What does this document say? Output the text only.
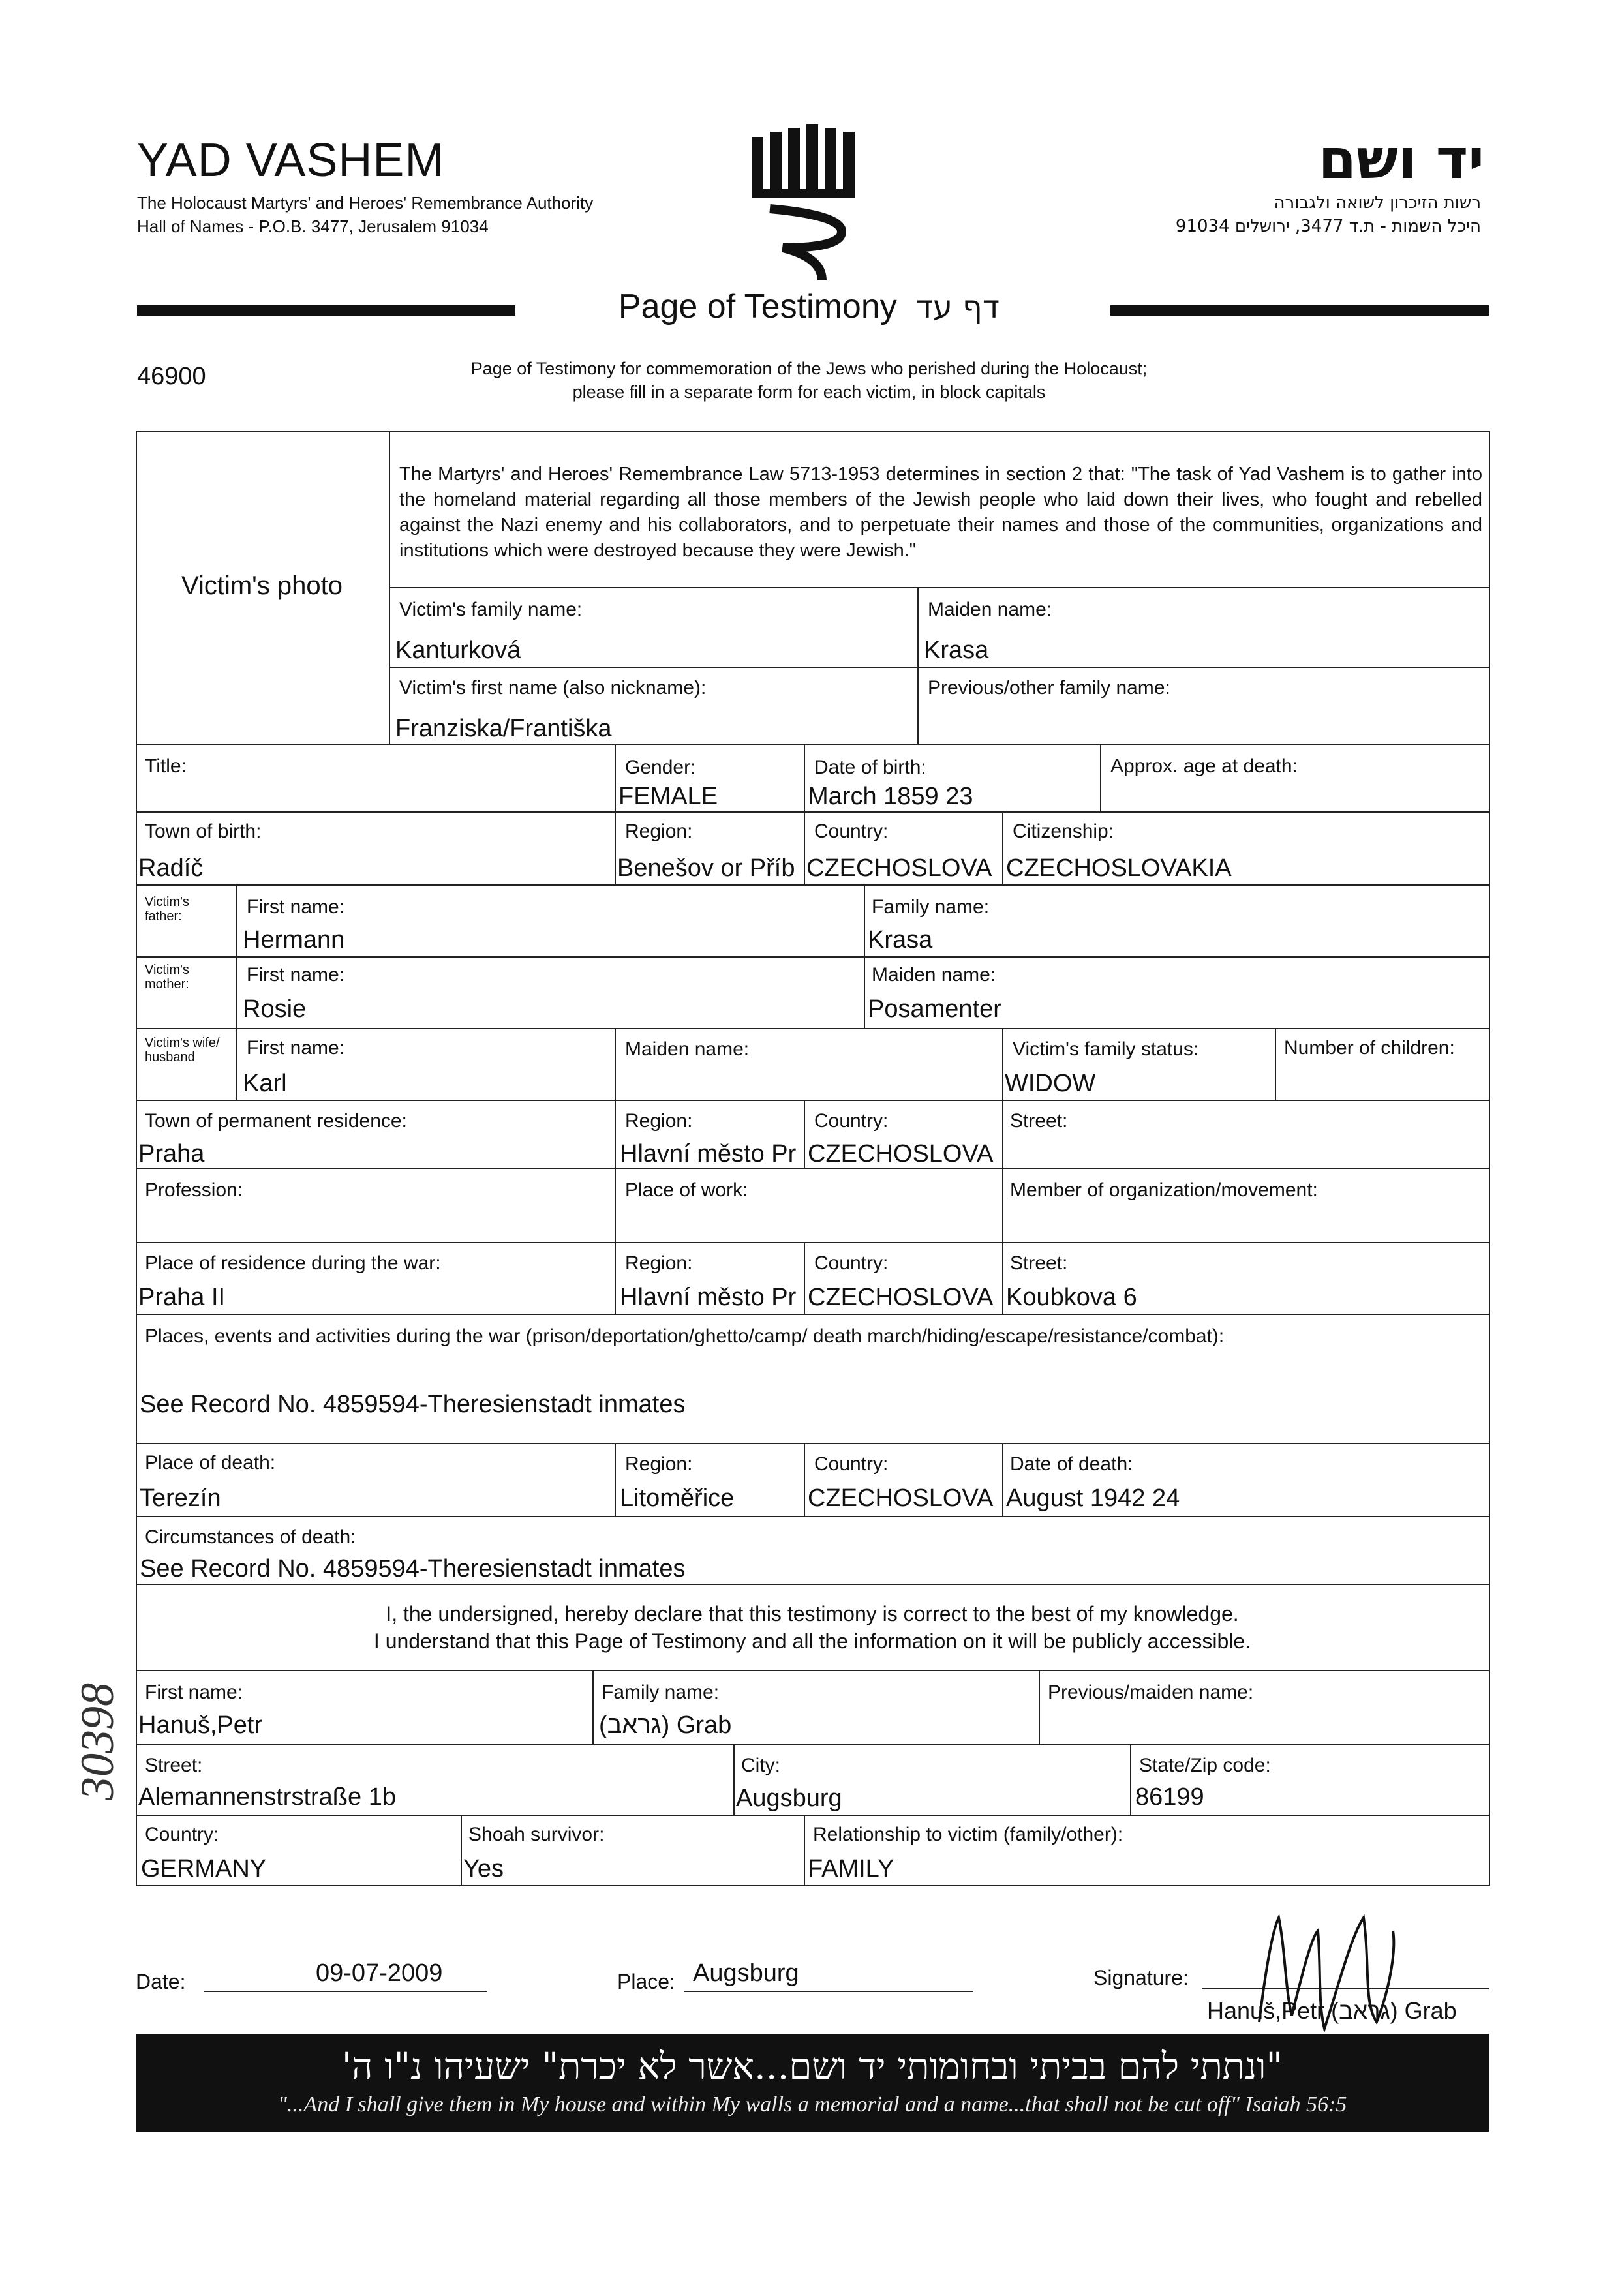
YAD VASHEM
The Holocaust Martyrs' and Heroes' Remembrance Authority
Hall of Names - P.O.B. 3477, Jerusalem 91034
יד ושם
רשות הזיכרון לשואה ולגבורה
היכל השמות - ת.ד 3477, ירושלים 91034
Page of Testimony דף עד
46900	Page of Testimony for commemoration of the Jews who perished during the Holocaust;
please fill in a separate form for each victim, in block capitals
Victim's photo
The Martyrs' and Heroes' Remembrance Law 5713-1953 determines in section 2 that: "The task of Yad Vashem is to gather into the homeland material regarding all those members of the Jewish people who laid down their lives, who fought and rebelled against the Nazi enemy and his collaborators, and to perpetuate their names and those of the communities, organizations and institutions which were destroyed because they were Jewish."
Victim's family name:
Kanturková
Maiden name:
Krasa
Victim's first name (also nickname):
Franziska/Františka
Previous/other family name:
Title:	Gender:
FEMALE
Date of birth:
March 1859 23
Approx. age at death:
Town of birth:
Radíč
Region:
Benešov or Příb
Country:
CZECHOSLOVA
Citizenship:
CZECHOSLOVAKIA
Victim's father:	First name:
Hermann
Family name:
Krasa
Victim's mother:	First name:
Rosie
Maiden name:
Posamenter
Victim's wife/ husband	First name:
Karl
Maiden name:	Victim's family status:
WIDOW
Number of children:
Town of permanent residence:
Praha
Region:
Hlavní město Pr
Country:
CZECHOSLOVA
Street:
Profession:	Place of work:	Member of organization/movement:
Place of residence during the war:
Praha II
Region:
Hlavní město Pr
Country:
CZECHOSLOVA
Street:
Koubkova 6
Places, events and activities during the war (prison/deportation/ghetto/camp/ death march/hiding/escape/resistance/combat):
See Record No. 4859594-Theresienstadt inmates
Place of death:
Terezín
Region:
Litoměřice
Country:
CZECHOSLOVA
Date of death:
August 1942 24
Circumstances of death:
See Record No. 4859594-Theresienstadt inmates
I, the undersigned, hereby declare that this testimony is correct to the best of my knowledge.
I understand that this Page of Testimony and all the information on it will be publicly accessible.
First name:
Hanuš,Petr
Family name:
(גראב) Grab
Previous/maiden name:
Street:
Alemannenstrstraße 1b
City:
Augsburg
State/Zip code:
86199
Country:
GERMANY
Shoah survivor:
Yes
Relationship to victim (family/other):
FAMILY
Date:	09-07-2009	Place: Augsburg	Signature:
Hanuš,Petr (גראב) Grab
"ונתתי להם בביתי ובחומותי יד ושם...אשר לא יכרת" ישעיהו נ"ו ה'
"...And I shall give them in My house and within My walls a memorial and a name...that shall not be cut off" Isaiah 56:5
30398
